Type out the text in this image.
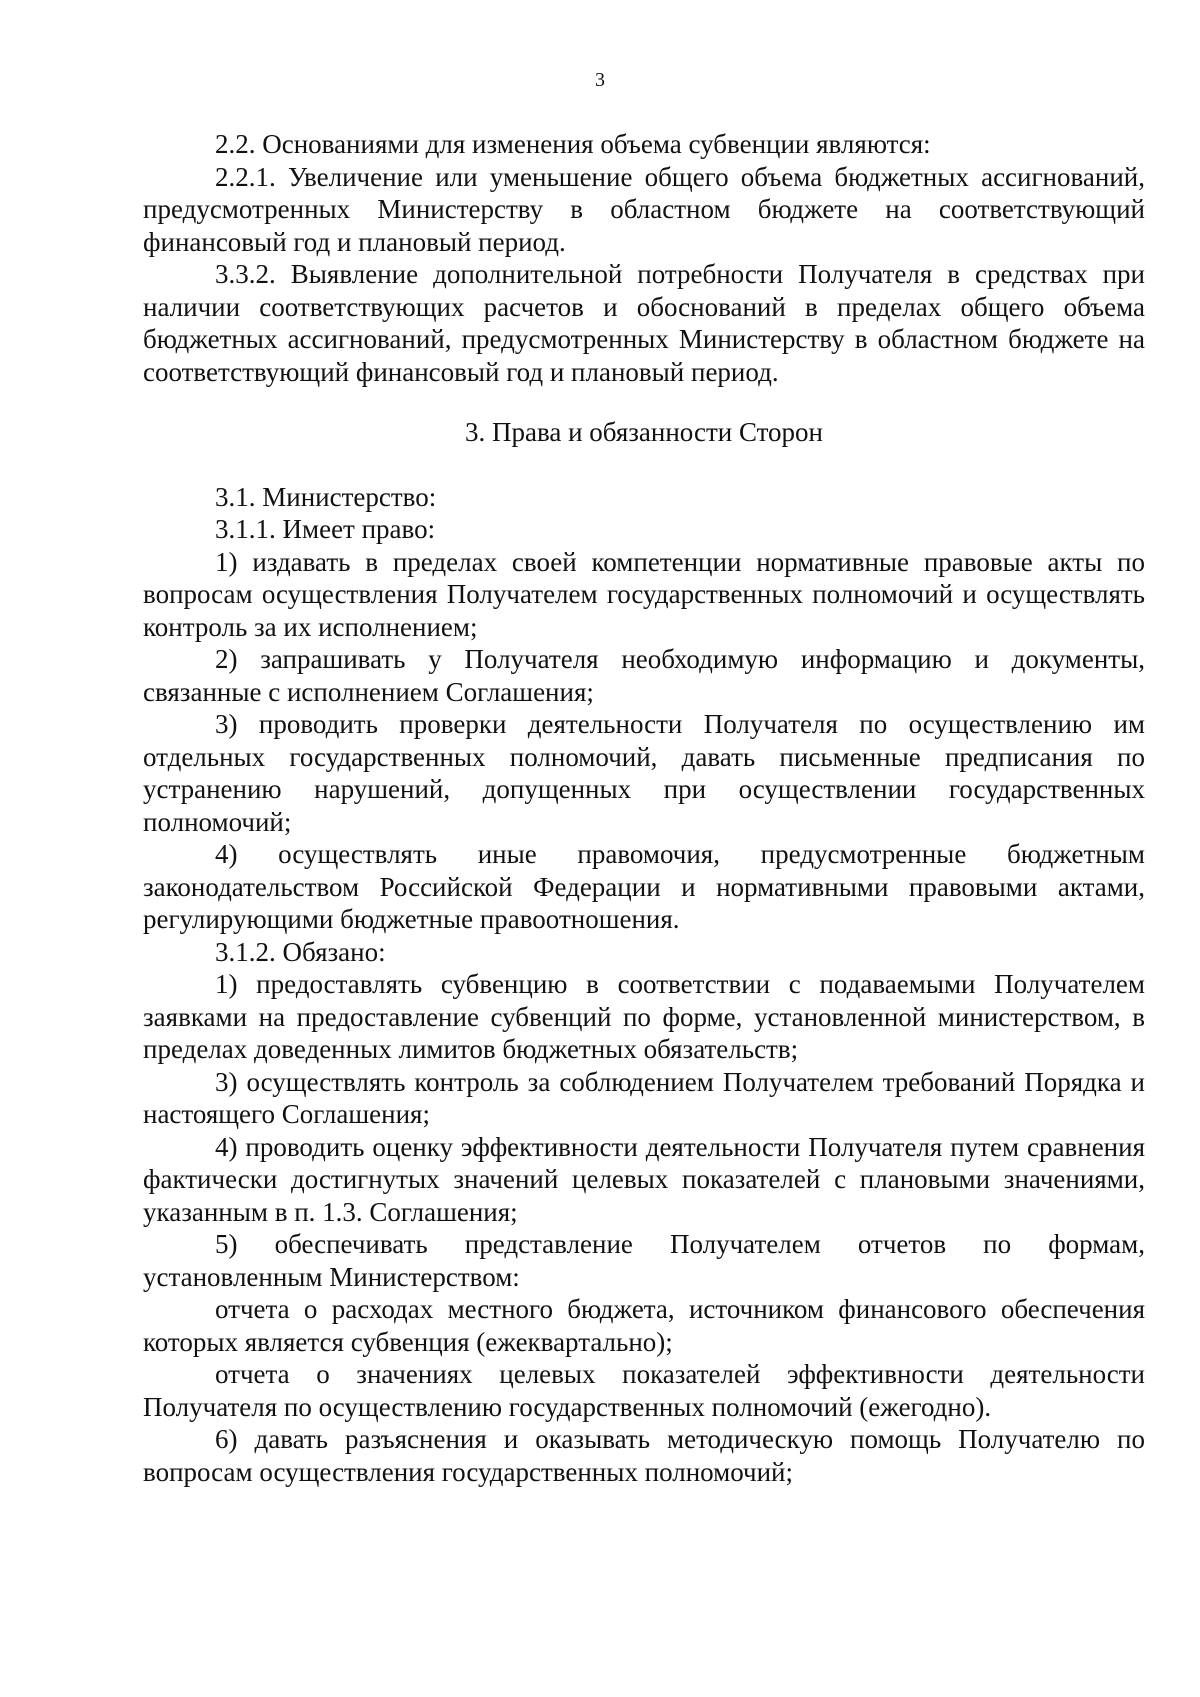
3

2.2. Основаниями для изменения объема субвенции являются:

2.2.1. Увеличение или уменьшение общего объема бюджетных ассигнований, предусмотренных Министерству в областном бюджете на соответствующий финансовый год и плановый период.

3.3.2. Выявление дополнительной потребности Получателя в средствах при наличии соответствующих расчетов и обоснований в пределах общего объема бюджетных ассигнований, предусмотренных Министерству в областном бюджете на соответствующий финансовый год и плановый период.

3. Права и обязанности Сторон

3.1. Министерство:

3.1.1. Имеет право:

1) издавать в пределах своей компетенции нормативные правовые акты по вопросам осуществления Получателем государственных полномочий и осуществлять контроль за их исполнением;

2) запрашивать у Получателя необходимую информацию и документы, связанные с исполнением Соглашения;

3) проводить проверки деятельности Получателя по осуществлению им отдельных государственных полномочий, давать письменные предписания по устранению нарушений, допущенных при осуществлении государственных полномочий;

4) осуществлять иные правомочия, предусмотренные бюджетным законодательством Российской Федерации и нормативными правовыми актами, регулирующими бюджетные правоотношения.

3.1.2. Обязано:

1) предоставлять субвенцию в соответствии с подаваемыми Получателем заявками на предоставление субвенций по форме, установленной министерством, в пределах доведенных лимитов бюджетных обязательств;

3) осуществлять контроль за соблюдением Получателем требований Порядка и настоящего Соглашения;

4) проводить оценку эффективности деятельности Получателя путем сравнения фактически достигнутых значений целевых показателей с плановыми значениями, указанным в п. 1.3. Соглашения;

5) обеспечивать представление Получателем отчетов по формам, установленным Министерством:

отчета о расходах местного бюджета, источником финансового обеспечения которых является субвенция (ежеквартально);

отчета о значениях целевых показателей эффективности деятельности Получателя по осуществлению государственных полномочий (ежегодно).

6) давать разъяснения и оказывать методическую помощь Получателю по вопросам осуществления государственных полномочий;
